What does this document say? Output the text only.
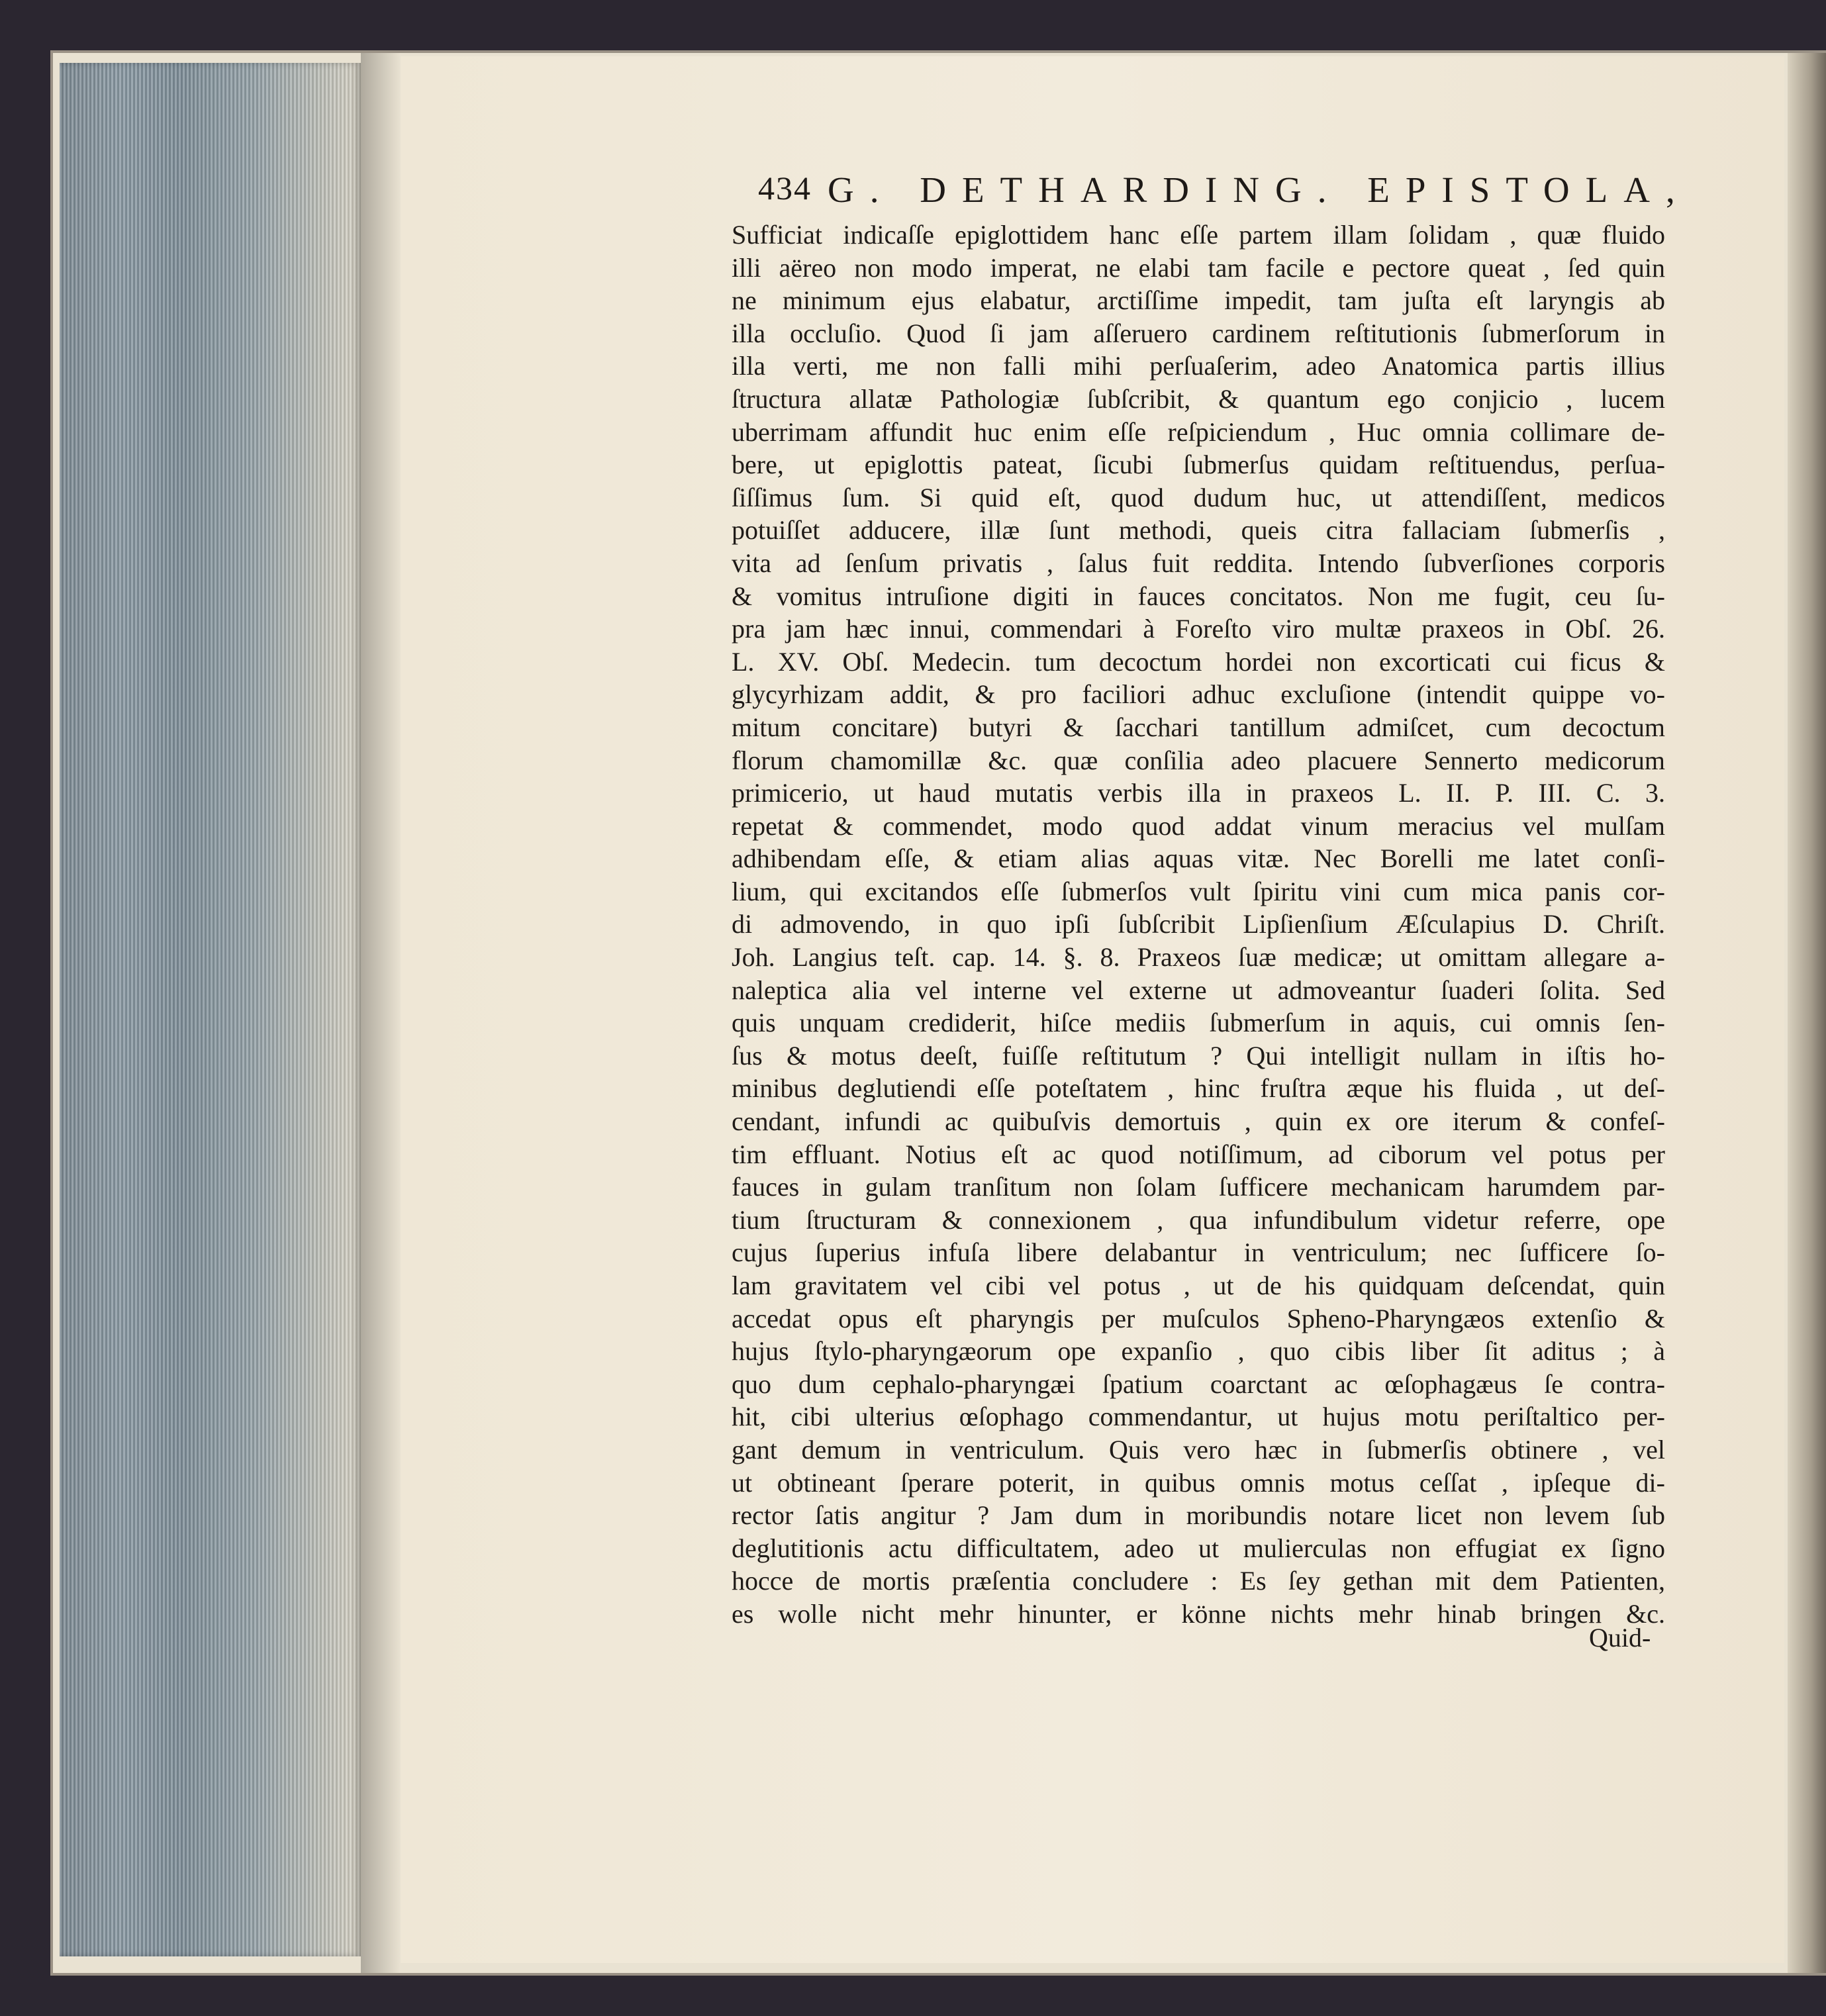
434 G. DETHARDING. EPISTOLA,
Sufficiat indicaſſe epiglottidem hanc eſſe partem illam ſolidam , quæ fluido
illi aëreo non modo imperat, ne elabi tam facile e pectore queat , ſed quin
ne minimum ejus elabatur, arctiſſime impedit, tam juſta eſt laryngis ab
illa occluſio. Quod ſi jam aſſeruero cardinem reſtitutionis ſubmerſorum in
illa verti, me non falli mihi perſuaſerim, adeo Anatomica partis illius
ſtructura allatæ Pathologiæ ſubſcribit, & quantum ego conjicio , lucem
uberrimam affundit huc enim eſſe reſpiciendum , Huc omnia collimare de-
bere, ut epiglottis pateat, ſicubi ſubmerſus quidam reſtituendus, perſua-
ſiſſimus ſum. Si quid eſt, quod dudum huc, ut attendiſſent, medicos
potuiſſet adducere, illæ ſunt methodi, queis citra fallaciam ſubmerſis ,
vita ad ſenſum privatis , ſalus fuit reddita. Intendo ſubverſiones corporis
& vomitus intruſione digiti in fauces concitatos. Non me fugit, ceu ſu-
pra jam hæc innui, commendari à Foreſto viro multæ praxeos in Obſ. 26.
L. XV. Obſ. Medecin. tum decoctum hordei non excorticati cui ficus &
glycyrhizam addit, & pro faciliori adhuc excluſione (intendit quippe vo-
mitum concitare) butyri & ſacchari tantillum admiſcet, cum decoctum
florum chamomillæ &c. quæ conſilia adeo placuere Sennerto medicorum
primicerio, ut haud mutatis verbis illa in praxeos L. II. P. III. C. 3.
repetat & commendet, modo quod addat vinum meracius vel mulſam
adhibendam eſſe, & etiam alias aquas vitæ. Nec Borelli me latet conſi-
lium, qui excitandos eſſe ſubmerſos vult ſpiritu vini cum mica panis cor-
di admovendo, in quo ipſi ſubſcribit Lipſienſium Æſculapius D. Chriſt.
Joh. Langius teſt. cap. 14. §. 8. Praxeos ſuæ medicæ; ut omittam allegare a-
naleptica alia vel interne vel externe ut admoveantur ſuaderi ſolita. Sed
quis unquam crediderit, hiſce mediis ſubmerſum in aquis, cui omnis ſen-
ſus & motus deeſt, fuiſſe reſtitutum ? Qui intelligit nullam in iſtis ho-
minibus deglutiendi eſſe poteſtatem , hinc fruſtra æque his fluida , ut deſ-
cendant, infundi ac quibuſvis demortuis , quin ex ore iterum & confeſ-
tim effluant. Notius eſt ac quod notiſſimum, ad ciborum vel potus per
fauces in gulam tranſitum non ſolam ſufficere mechanicam harumdem par-
tium ſtructuram & connexionem , qua infundibulum videtur referre, ope
cujus ſuperius infuſa libere delabantur in ventriculum; nec ſufficere ſo-
lam gravitatem vel cibi vel potus , ut de his quidquam deſcendat, quin
accedat opus eſt pharyngis per muſculos Spheno-Pharyngæos extenſio &
hujus ſtylo-pharyngæorum ope expanſio , quo cibis liber ſit aditus ; à
quo dum cephalo-pharyngæi ſpatium coarctant ac œſophagæus ſe contra-
hit, cibi ulterius œſophago commendantur, ut hujus motu periſtaltico per-
gant demum in ventriculum. Quis vero hæc in ſubmerſis obtinere , vel
ut obtineant ſperare poterit, in quibus omnis motus ceſſat , ipſeque di-
rector ſatis angitur ? Jam dum in moribundis notare licet non levem ſub
deglutitionis actu difficultatem, adeo ut mulierculas non effugiat ex ſigno
hocce de mortis præſentia concludere : Es ſey gethan mit dem Patienten,
es wolle nicht mehr hinunter, er könne nichts mehr hinab bringen &c.
Quid-
